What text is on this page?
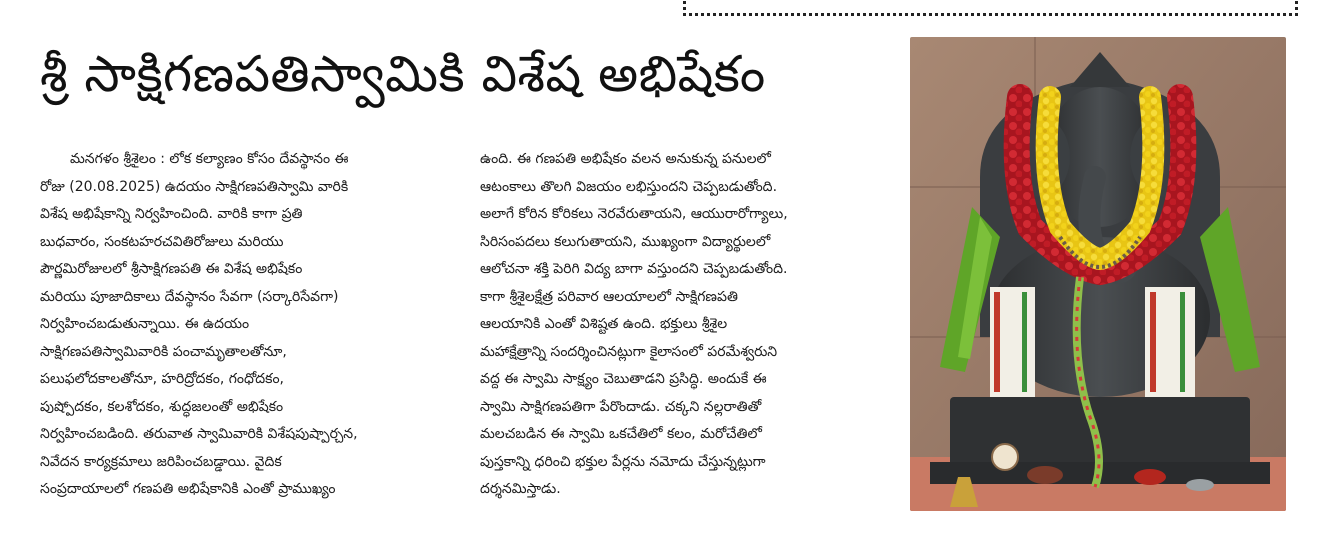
శ్రీ సాక్షిగణపతిస్వామికి విశేష అభిషేకం
మనగళం శ్రీశైలం : లోక కల్యాణం కోసం దేవస్థానం ఈ
రోజు (20.08.2025) ఉదయం సాక్షిగణపతిస్వామి వారికి
విశేష అభిషేకాన్ని నిర్వహించింది. వారికి కాగా ప్రతి
బుధవారం, సంకటహరచవితిరోజులు మరియు
పౌర్ణమిరోజులలో శ్రీసాక్షిగణపతి ఈ విశేష అభిషేకం
మరియు పూజాదికాలు దేవస్థానం సేవగా (సర్కారిసేవగా)
నిర్వహించబడుతున్నాయి. ఈ ఉదయం
సాక్షిగణపతిస్వామివారికి పంచామృతాలతోనూ,
పలుఫలోదకాలతోనూ, హరిద్రోదకం, గంధోదకం,
పుష్పోదకం, కలశోదకం, శుద్ధజలంతో అభిషేకం
నిర్వహించబడింది. తరువాత స్వామివారికి విశేషపుష్పార్చన,
నివేదన కార్యక్రమాలు జరిపించబడ్డాయి. వైదిక
సంప్రదాయాలలో గణపతి అభిషేకానికి ఎంతో ప్రాముఖ్యం
ఉంది. ఈ గణపతి అభిషేకం వలన అనుకున్న పనులలో
ఆటంకాలు తొలగి విజయం లభిస్తుందని చెప్పబడుతోంది.
అలాగే కోరిన కోరికలు నెరవేరుతాయని, ఆయురారోగ్యాలు,
సిరిసంపదలు కలుగుతాయని, ముఖ్యంగా విద్యార్థులలో
ఆలోచనా శక్తి పెరిగి విద్య బాగా వస్తుందని చెప్పబడుతోంది.
కాగా శ్రీశైలక్షేత్ర పరివార ఆలయాలలో సాక్షిగణపతి
ఆలయానికి ఎంతో విశిష్టత ఉంది. భక్తులు శ్రీశైల
మహాక్షేత్రాన్ని సందర్శించినట్లుగా కైలాసంలో పరమేశ్వరుని
వద్ద ఈ స్వామి సాక్ష్యం చెబుతాడని ప్రసిద్ధి. అందుకే ఈ
స్వామి సాక్షిగణపతిగా పేరొందాడు. చక్కని నల్లరాతితో
మలచబడిన ఈ స్వామి ఒకచేతిలో కలం, మరోచేతిలో
పుస్తకాన్ని ధరించి భక్తుల పేర్లను నమోదు చేస్తున్నట్లుగా
దర్శనమిస్తాడు.
